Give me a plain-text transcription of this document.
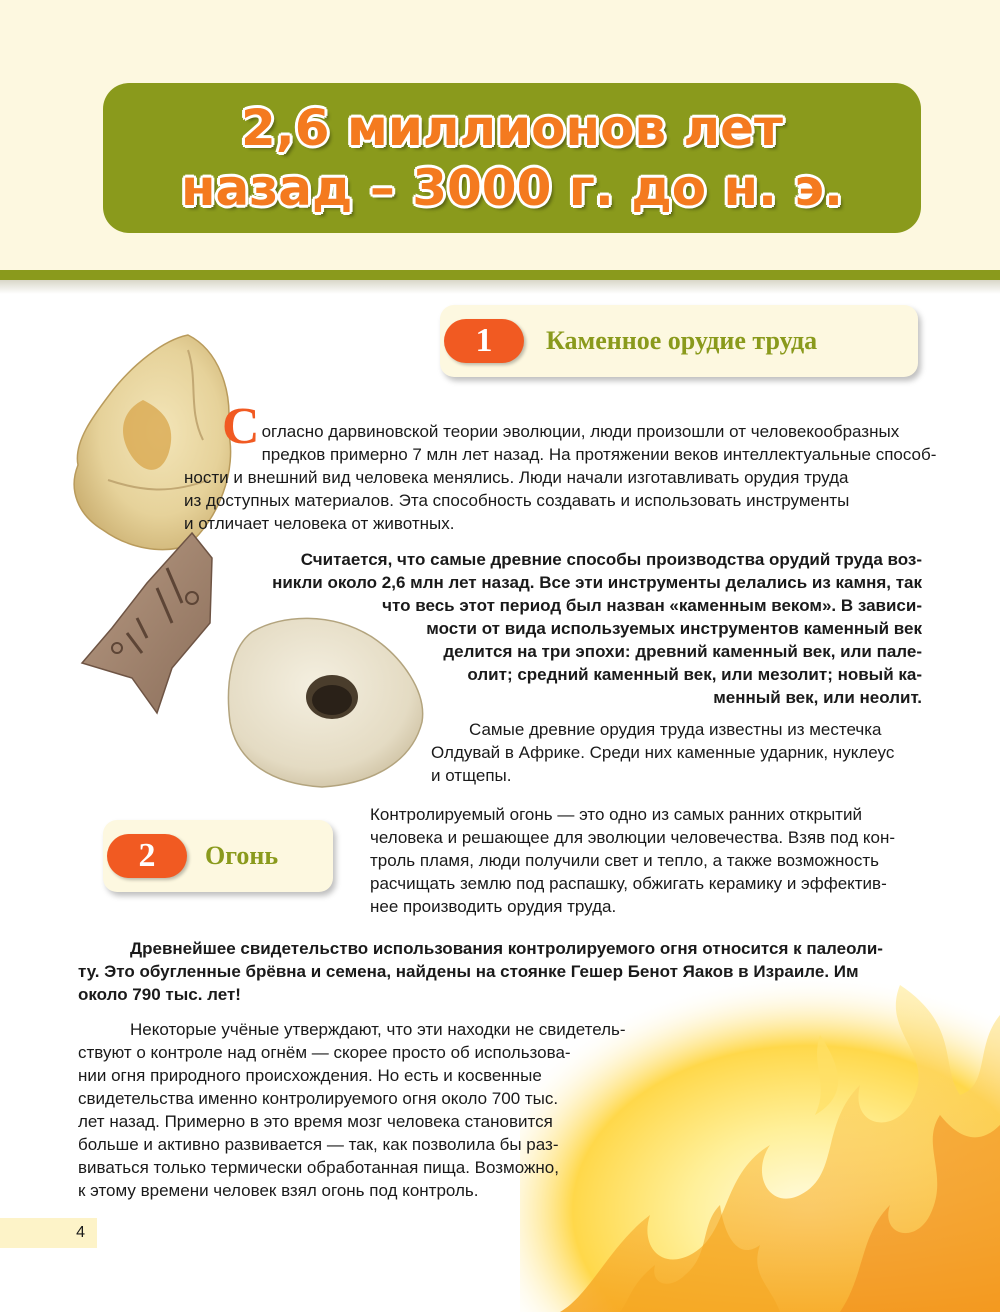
2,6 миллионов лет
назад – 3000 г. до н. э.
1	Каменное орудие труда
С огласно дарвиновской теории эволюции, люди произошли от человекообразных
предков примерно 7 млн лет назад. На протяжении веков интеллектуальные способ-
ности и внешний вид человека менялись. Люди начали изготавливать орудия труда
из доступных материалов. Эта способность создавать и использовать инструменты
и отличает человека от животных.
Считается, что самые древние способы производства орудий труда воз-
никли около 2,6 млн лет назад. Все эти инструменты делались из камня, так
что весь этот период был назван «каменным веком». В зависи-
мости от вида используемых инструментов каменный век
делится на три эпохи: древний каменный век, или пале-
олит; средний каменный век, или мезолит; новый ка-
менный век, или неолит.
Самые древние орудия труда известны из местечка
Олдувай в Африке. Среди них каменные ударник, нуклеус
и отщепы.
2	Огонь
Контролируемый огонь — это одно из самых ранних открытий
человека и решающее для эволюции человечества. Взяв под кон-
троль пламя, люди получили свет и тепло, а также возможность
расчищать землю под распашку, обжигать керамику и эффектив-
нее производить орудия труда.
Древнейшее свидетельство использования контролируемого огня относится к палеоли-
ту. Это обугленные брёвна и семена, найдены на стоянке Гешер Бенот Яаков в Израиле. Им
около 790 тыс. лет!
Некоторые учёные утверждают, что эти находки не свидетель-
ствуют о контроле над огнём — скорее просто об использова-
нии огня природного происхождения. Но есть и косвенные
свидетельства именно контролируемого огня около 700 тыс.
лет назад. Примерно в это время мозг человека становится
больше и активно развивается — так, как позволила бы раз-
виваться только термически обработанная пища. Возможно,
к этому времени человек взял огонь под контроль.
4
